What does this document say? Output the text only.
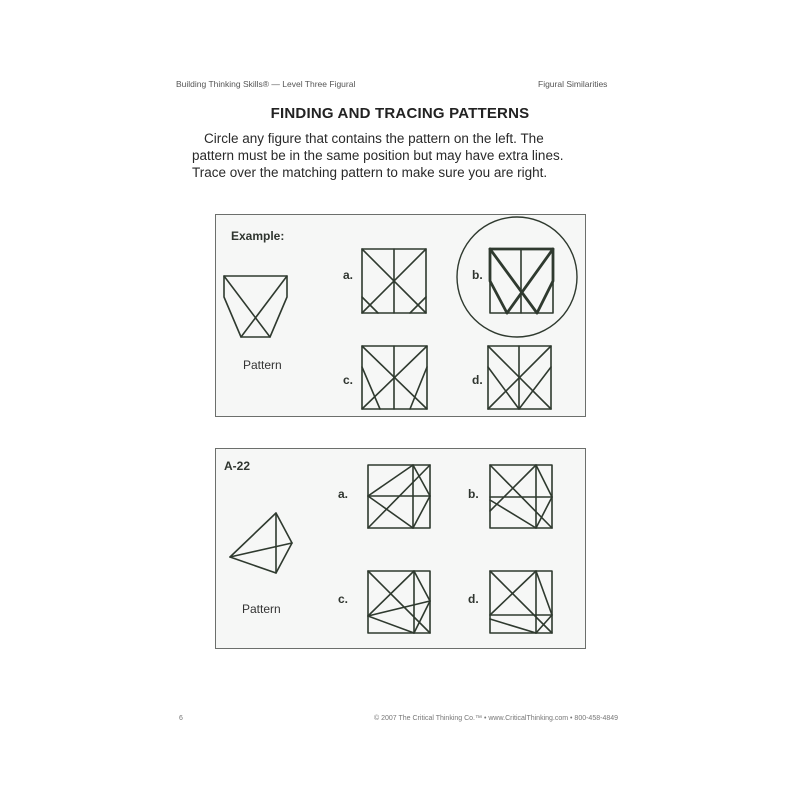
Building Thinking Skills® — Level Three Figural	Figural Similarities
FINDING AND TRACING PATTERNS
Circle any figure that contains the pattern on the left. The
pattern must be in the same position but may have extra lines.
Trace over the matching pattern to make sure you are right.
Example:
Pattern
a.	b.
c.	d.
A-22
Pattern
a.	b.
c.	d.
6	© 2007 The Critical Thinking Co.™ • www.CriticalThinking.com • 800-458-4849
